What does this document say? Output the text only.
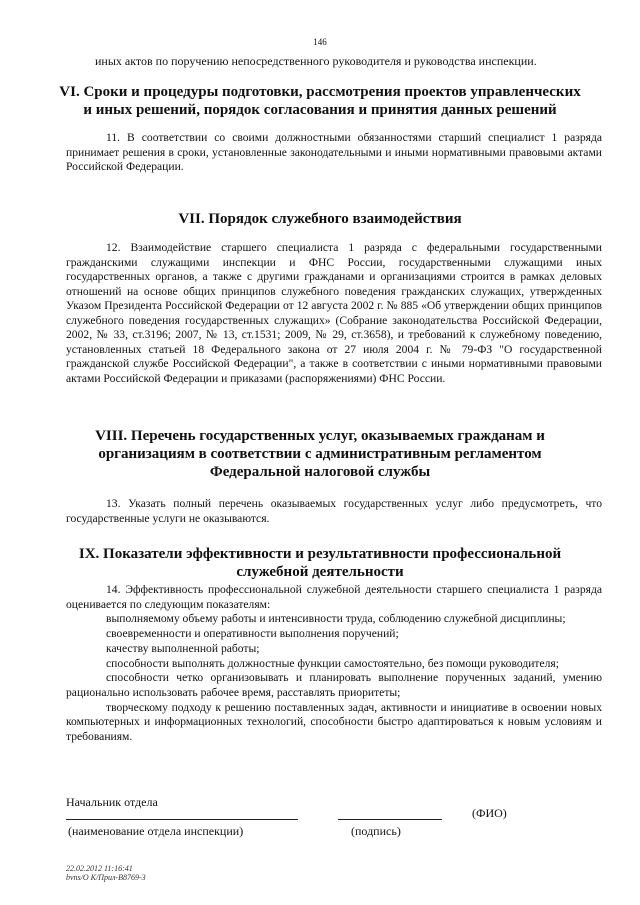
146
иных актов по поручению непосредственного руководителя и руководства инспекции.
VI. Сроки и процедуры подготовки, рассмотрения проектов управленческих
и иных решений, порядок согласования и принятия данных решений

11. В соответствии со своими должностными обязанностями старший специалист 1 разряда принимает решения в сроки, установленные законодательными и иными нормативными правовыми актами Российской Федерации.

VII. Порядок служебного взаимодействия

12. Взаимодействие старшего специалиста 1 разряда с федеральными государственными гражданскими служащими инспекции и ФНС России, государственными служащими иных государственных органов, а также с другими гражданами и организациями строится в рамках деловых отношений на основе общих принципов служебного поведения гражданских служащих, утвержденных Указом Президента Российской Федерации от 12 августа 2002 г. № 885 «Об утверждении общих принципов служебного поведения государственных служащих» (Собрание законодательства Российской Федерации, 2002, № 33, ст.3196; 2007, № 13, ст.1531; 2009, № 29, ст.3658), и требований к служебному поведению, установленных статьей 18 Федерального закона от 27 июля 2004 г. № 79-ФЗ "О государственной гражданской службе Российской Федерации", а также в соответствии с иными нормативными правовыми актами Российской Федерации и приказами (распоряжениями) ФНС России.

VIII. Перечень государственных услуг, оказываемых гражданам и
организациям в соответствии с административным регламентом
Федеральной налоговой службы

13. Указать полный перечень оказываемых государственных услуг либо предусмотреть, что государственные услуги не оказываются.

IX. Показатели эффективности и результативности профессиональной
служебной деятельности

14. Эффективность профессиональной служебной деятельности старшего специалиста 1 разряда оценивается по следующим показателям:

выполняемому объему работы и интенсивности труда, соблюдению служебной дисциплины;

своевременности и оперативности выполнения поручений;

качеству выполненной работы;

способности выполнять должностные функции самостоятельно, без помощи руководителя;

способности четко организовывать и планировать выполнение порученных заданий, умению рационально использовать рабочее время, расставлять приоритеты;

творческому подходу к решению поставленных задач, активности и инициативе в освоении новых компьютерных и информационных технологий, способности быстро адаптироваться к новым условиям и требованиям.

Начальник отдела
(ФИО)
(наименование отдела инспекции)	(подпись)
22.02.2012 11:16:41
bvns/О К/Прил-В8769-3
